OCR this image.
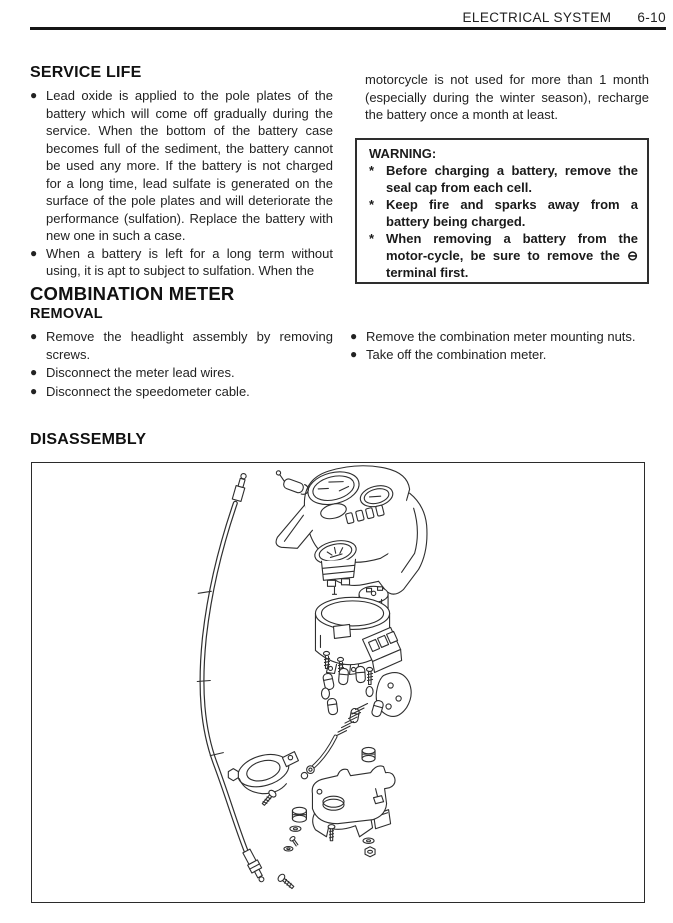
ELECTRICAL SYSTEM 6-10
SERVICE LIFE
● Lead oxide is applied to the pole plates of the battery which will come off gradually during the service. When the bottom of the battery case becomes full of the sediment, the battery cannot be used any more. If the battery is not charged for a long time, lead sulfate is generated on the surface of the pole plates and will deteriorate the performance (sulfation). Replace the battery with new one in such a case.
● When a battery is left for a long term without using, it is apt to subject to sulfation. When the
motorcycle is not used for more than 1 month (especially during the winter season), recharge the battery once a month at least.
WARNING:
* Before charging a battery, remove the seal cap from each cell.
* Keep fire and sparks away from a battery being charged.
* When removing a battery from the motor-cycle, be sure to remove the ⊖ terminal first.
COMBINATION METER
REMOVAL
● Remove the headlight assembly by removing screws.
● Disconnect the meter lead wires.
● Disconnect the speedometer cable.
● Remove the combination meter mounting nuts.
● Take off the combination meter.
DISASSEMBLY
